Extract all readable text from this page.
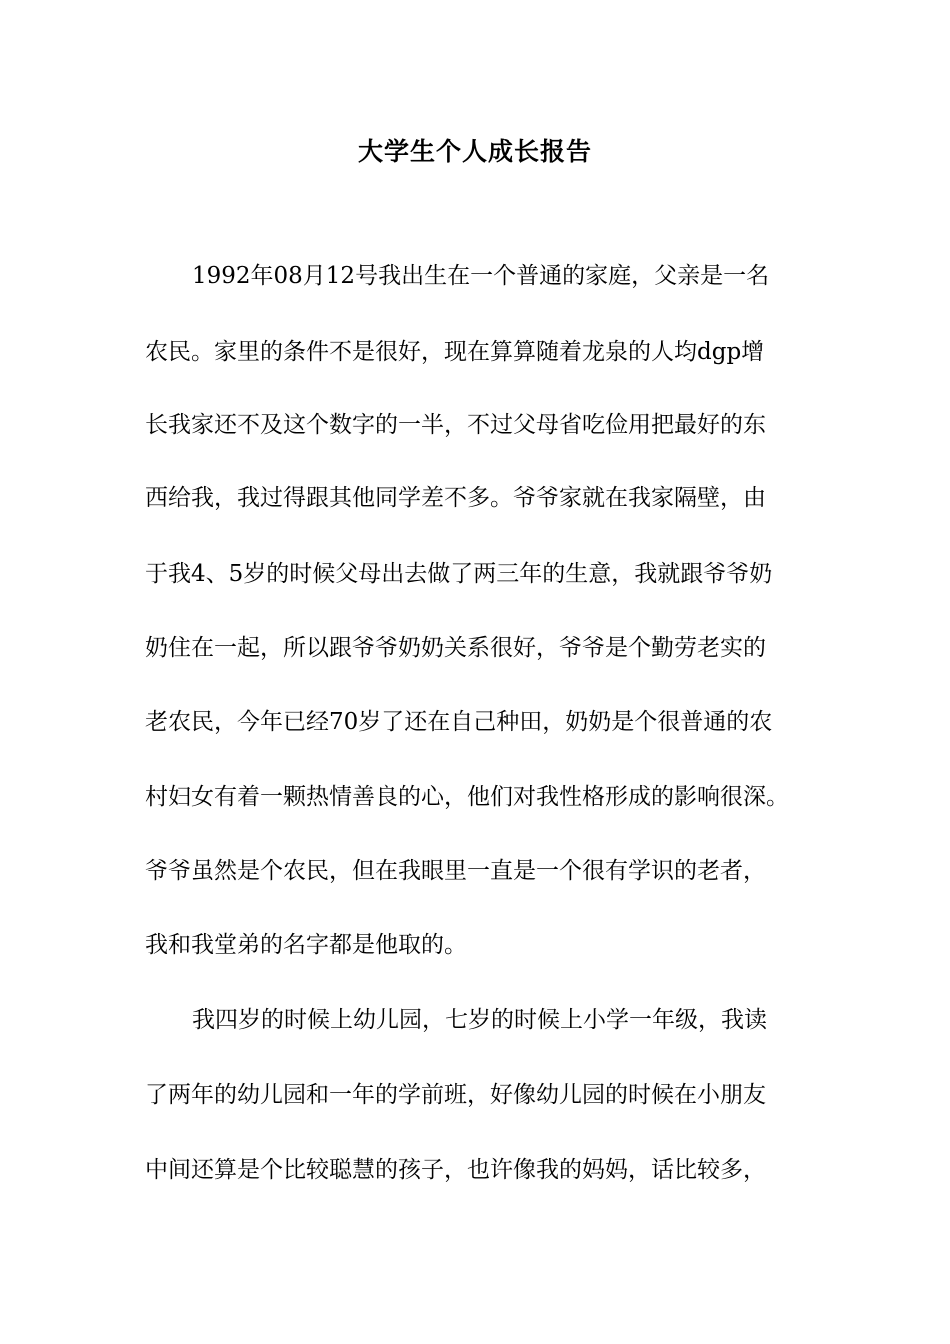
大学生个人成长报告
1992年08月12号我出生在一个普通的家庭，父亲是一名
农民。家里的条件不是很好，现在算算随着龙泉的人均dgp增
长我家还不及这个数字的一半，不过父母省吃俭用把最好的东
西给我，我过得跟其他同学差不多。爷爷家就在我家隔壁，由
于我4、5岁的时候父母出去做了两三年的生意，我就跟爷爷奶
奶住在一起，所以跟爷爷奶奶关系很好，爷爷是个勤劳老实的
老农民，今年已经70岁了还在自己种田，奶奶是个很普通的农
村妇女有着一颗热情善良的心，他们对我性格形成的影响很深。
爷爷虽然是个农民，但在我眼里一直是一个很有学识的老者，
我和我堂弟的名字都是他取的。
我四岁的时候上幼儿园，七岁的时候上小学一年级，我读
了两年的幼儿园和一年的学前班，好像幼儿园的时候在小朋友
中间还算是个比较聪慧的孩子，也许像我的妈妈，话比较多，
